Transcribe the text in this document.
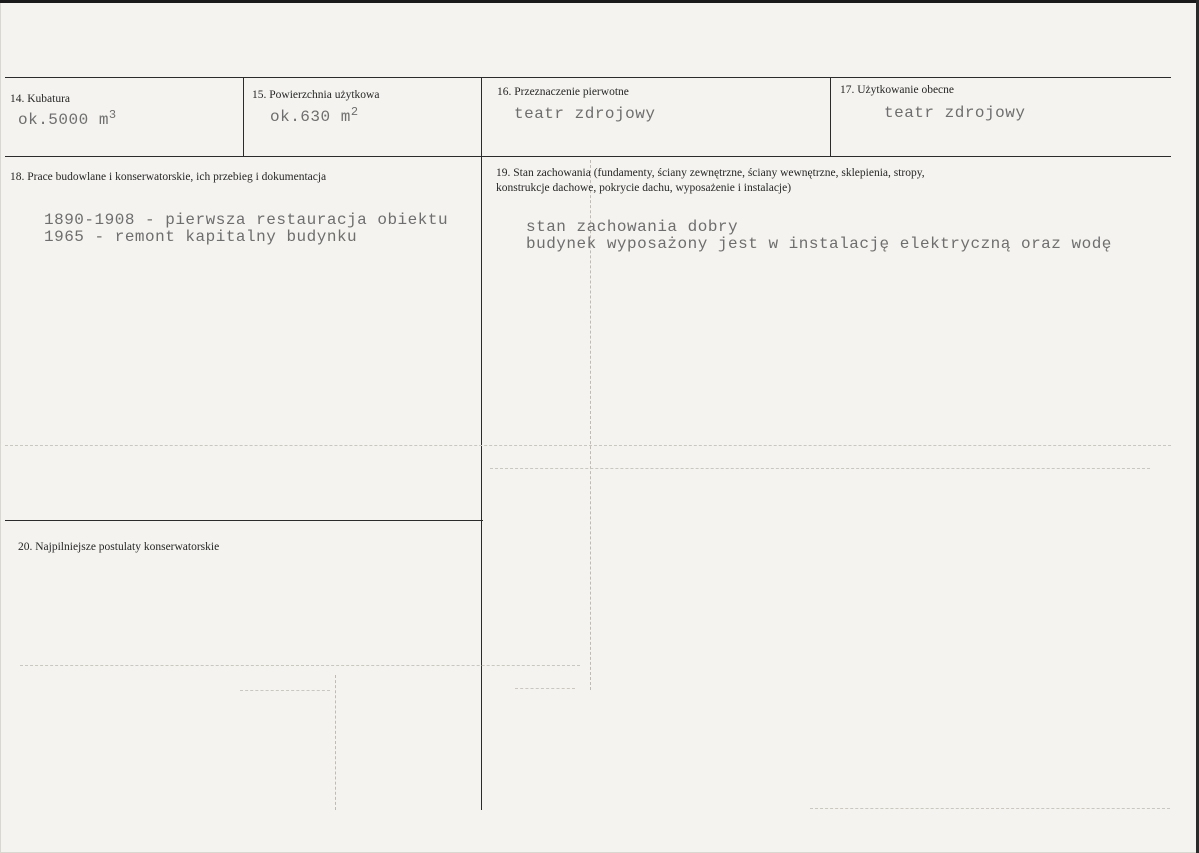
14. Kubatura
ok.5000 $m^3$
15. Powierzchnia użytkowa
ok.630 $m^2$
16. Przeznaczenie pierwotne
teatr zdrojowy
17. Użytkowanie obecne
teatr zdrojowy
18. Prace budowlane i konserwatorskie, ich przebieg i dokumentacja
1890-1908 - pierwsza restauracja obiektu
1965 - remont kapitalny budynku
19. Stan zachowania (fundamenty, ściany zewnętrzne, ściany wewnętrzne, sklepienia, stropy,
konstrukcje dachowe, pokrycie dachu, wyposażenie i instalacje)
stan zachowania dobry
budynek wyposażony jest w instalację elektryczną oraz wodę
20. Najpilniejsze postulaty konserwatorskie
